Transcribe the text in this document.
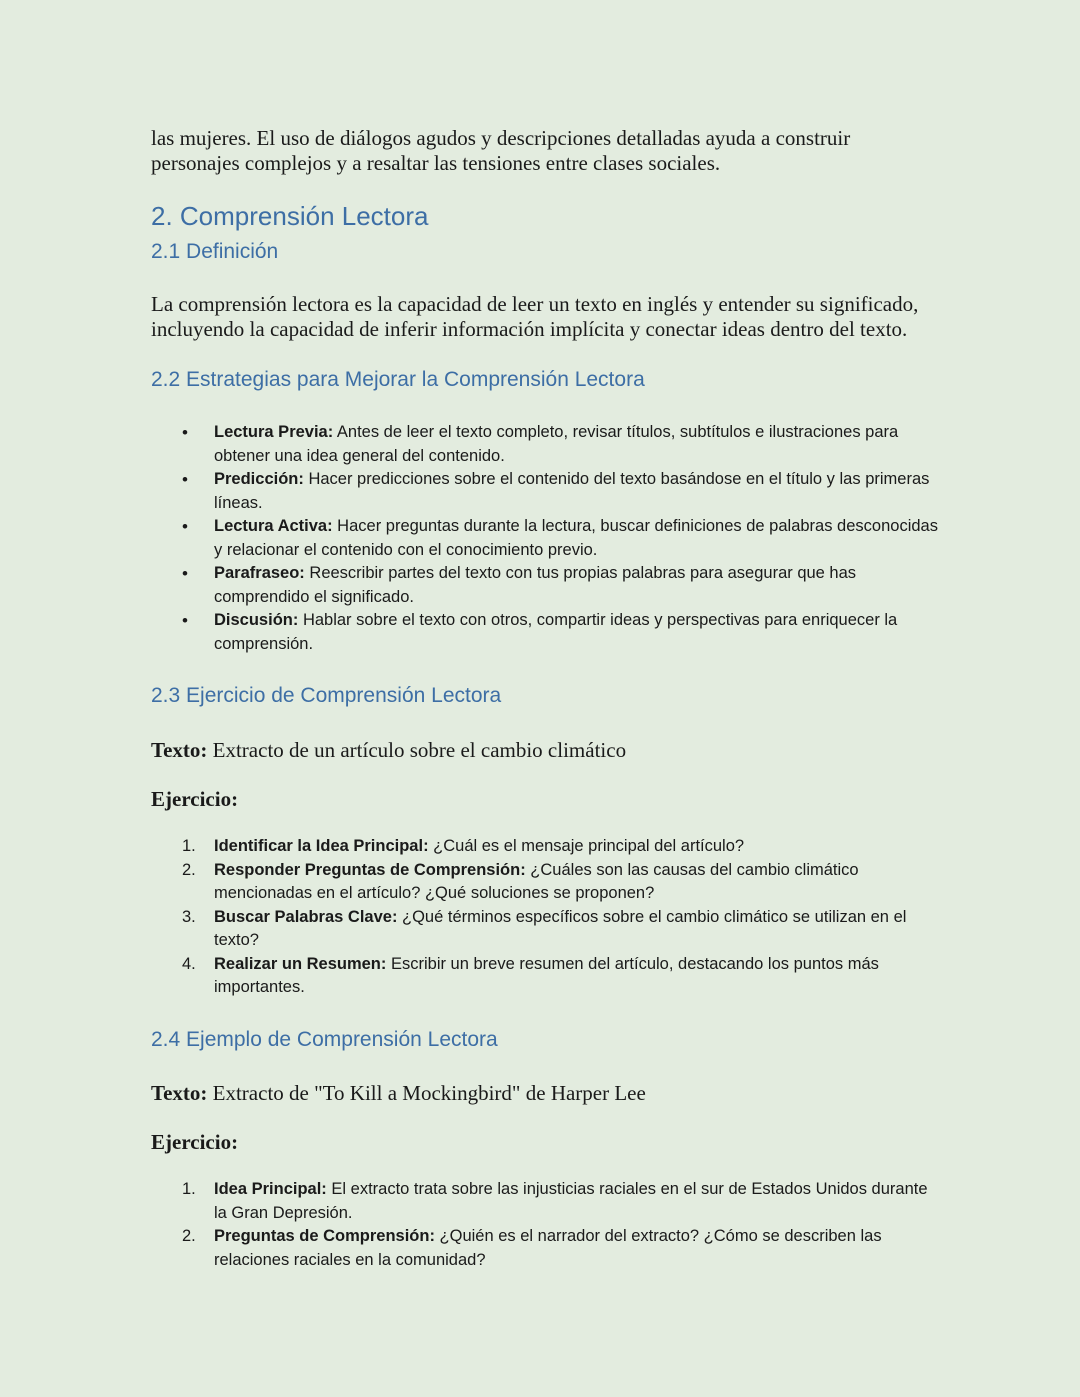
las mujeres. El uso de diálogos agudos y descripciones detalladas ayuda a construir personajes complejos y a resaltar las tensiones entre clases sociales.

2. Comprensión Lectora
2.1 Definición

La comprensión lectora es la capacidad de leer un texto en inglés y entender su significado, incluyendo la capacidad de inferir información implícita y conectar ideas dentro del texto.

2.2 Estrategias para Mejorar la Comprensión Lectora
• Lectura Previa: Antes de leer el texto completo, revisar títulos, subtítulos e ilustraciones para obtener una idea general del contenido.
• Predicción: Hacer predicciones sobre el contenido del texto basándose en el título y las primeras líneas.
• Lectura Activa: Hacer preguntas durante la lectura, buscar definiciones de palabras desconocidas y relacionar el contenido con el conocimiento previo.
• Parafraseo: Reescribir partes del texto con tus propias palabras para asegurar que has comprendido el significado.
• Discusión: Hablar sobre el texto con otros, compartir ideas y perspectivas para enriquecer la comprensión.
2.3 Ejercicio de Comprensión Lectora

Texto: Extracto de un artículo sobre el cambio climático

Ejercicio:

1. Identificar la Idea Principal: ¿Cuál es el mensaje principal del artículo?
2. Responder Preguntas de Comprensión: ¿Cuáles son las causas del cambio climático mencionadas en el artículo? ¿Qué soluciones se proponen?
3. Buscar Palabras Clave: ¿Qué términos específicos sobre el cambio climático se utilizan en el texto?
4. Realizar un Resumen: Escribir un breve resumen del artículo, destacando los puntos más importantes.
2.4 Ejemplo de Comprensión Lectora

Texto: Extracto de "To Kill a Mockingbird" de Harper Lee

Ejercicio:

1. Idea Principal: El extracto trata sobre las injusticias raciales en el sur de Estados Unidos durante la Gran Depresión.
2. Preguntas de Comprensión: ¿Quién es el narrador del extracto? ¿Cómo se describen las relaciones raciales en la comunidad?
